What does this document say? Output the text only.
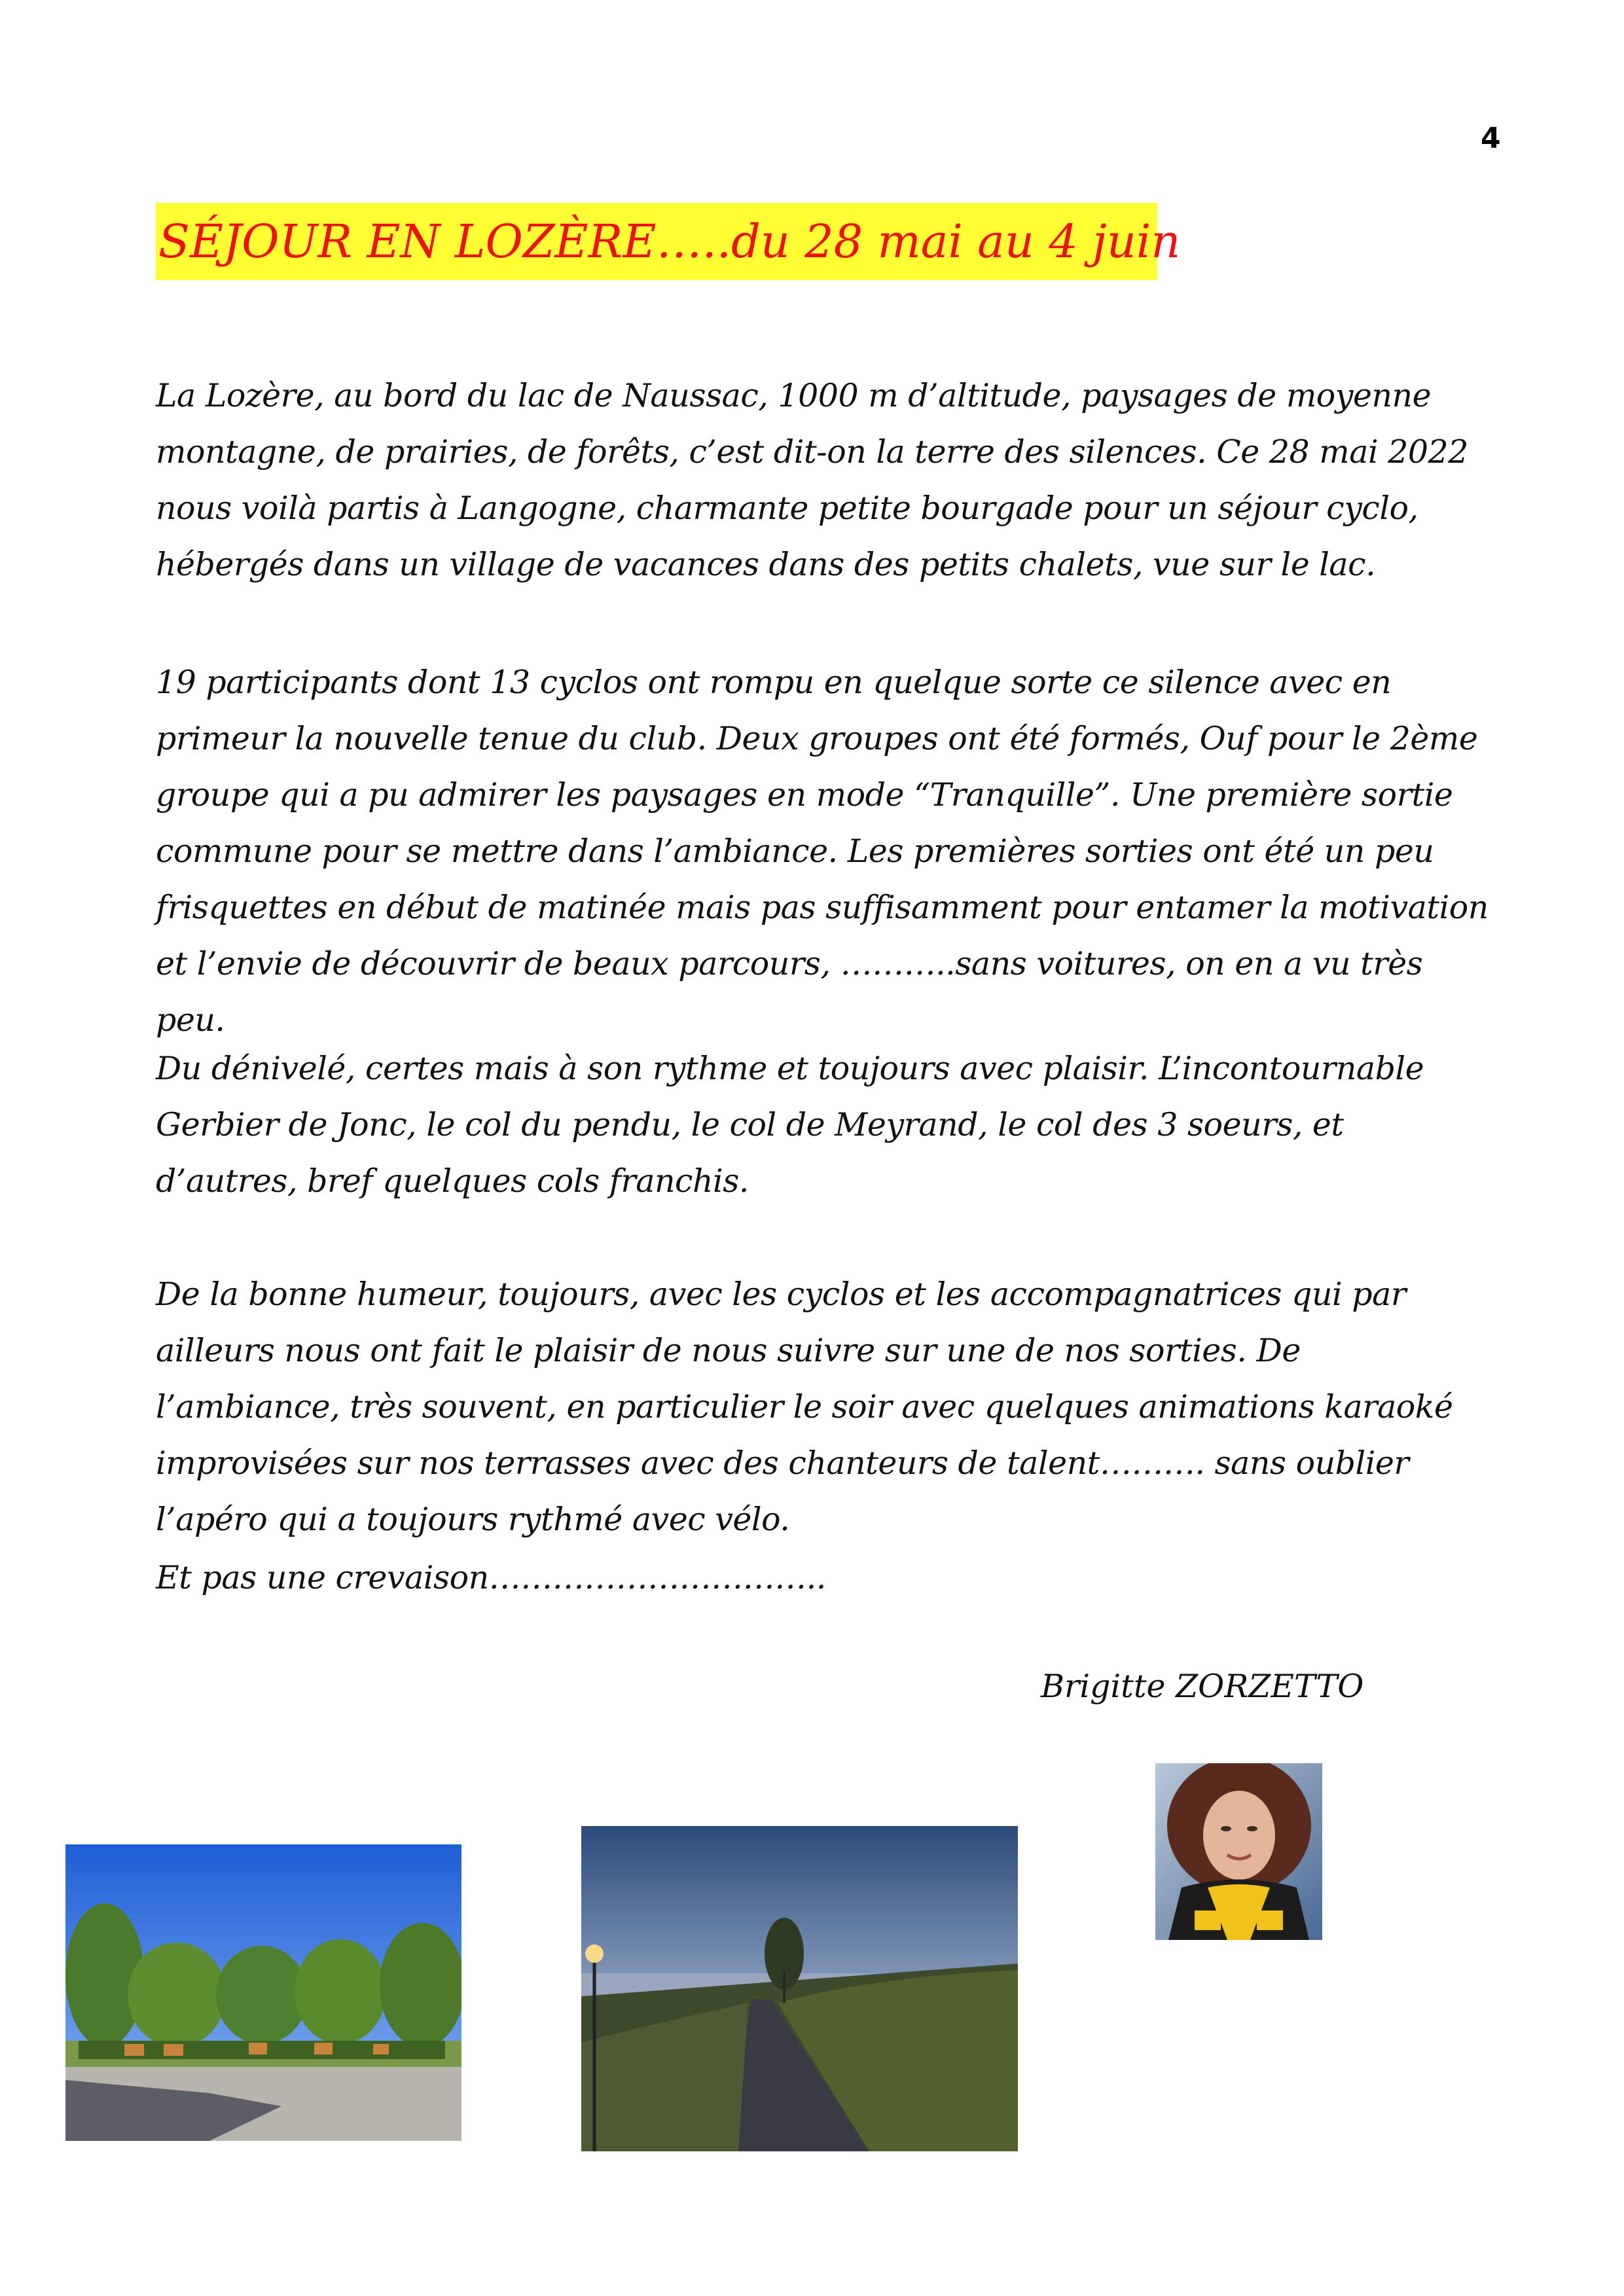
4
SÉJOUR EN LOZÈRE…..du 28 mai au 4 juin
La Lozère, au bord du lac de Naussac, 1000 m d’altitude, paysages de moyenne montagne, de prairies, de forêts, c’est dit-on la terre des silences. Ce 28 mai 2022 nous voilà partis à Langogne, charmante petite bourgade pour un séjour cyclo, hébergés dans un village de vacances dans des petits chalets, vue sur le lac.
19 participants dont 13 cyclos ont rompu en quelque sorte ce silence avec en primeur la nouvelle tenue du club. Deux groupes ont été formés, Ouf pour le 2ème groupe qui a pu admirer les paysages en mode “Tranquille”. Une première sortie commune pour se mettre dans l’ambiance. Les premières sorties ont été un peu frisquettes en début de matinée mais pas suffisamment pour entamer la motivation et l’envie de découvrir de beaux parcours, ………..sans voitures, on en a vu très peu.
Du dénivelé, certes mais à son rythme et toujours avec plaisir. L’incontournable Gerbier de Jonc, le col du pendu, le col de Meyrand, le col des 3 soeurs, et d’autres, bref quelques cols franchis.
De la bonne humeur, toujours, avec les cyclos et les accompagnatrices qui par ailleurs nous ont fait le plaisir de nous suivre sur une de nos sorties. De l’ambiance, très souvent, en particulier le soir avec quelques animations karaoké improvisées sur nos terrasses avec des chanteurs de talent………. sans oublier l’apéro qui a toujours rythmé avec vélo.
Et pas une crevaison…………………………..
Brigitte ZORZETTO
